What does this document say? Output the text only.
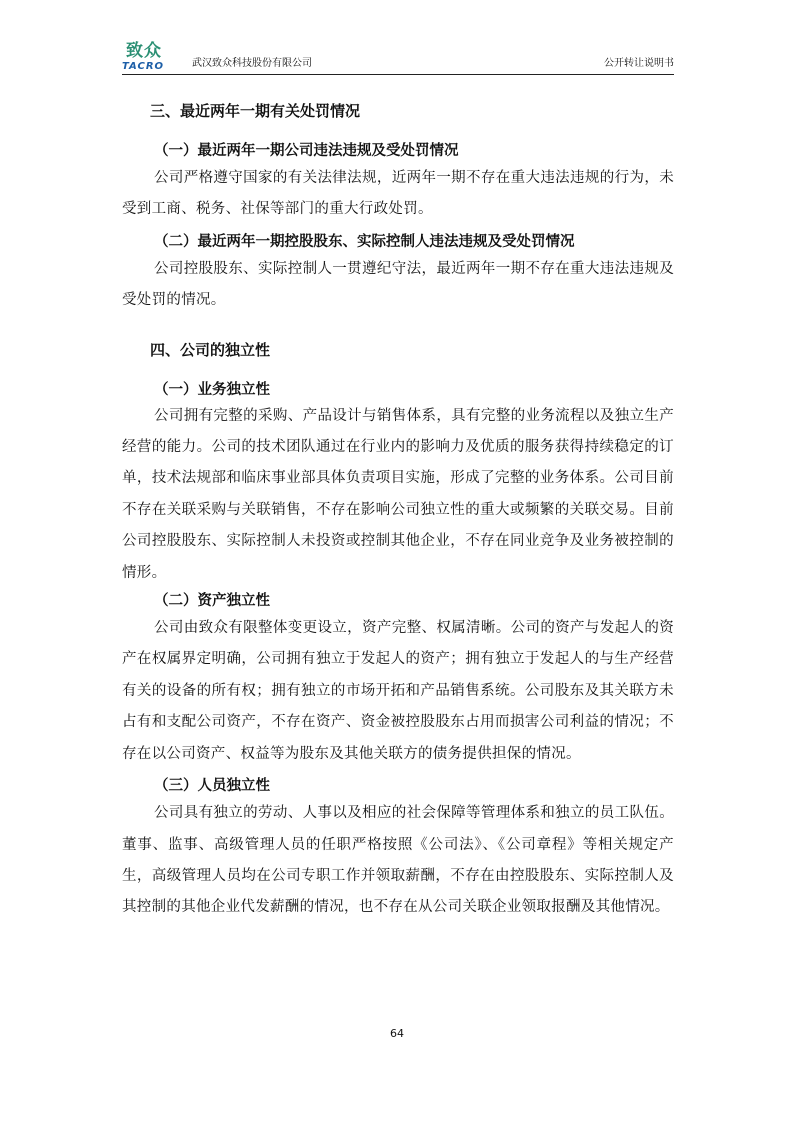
致众
TACRO	武汉致众科技股份有限公司	公开转让说明书

三、最近两年一期有关处罚情况

（一）最近两年一期公司违法违规及受处罚情况

公司严格遵守国家的有关法律法规，近两年一期不存在重大违法违规的行为，未受到工商、税务、社保等部门的重大行政处罚。

（二）最近两年一期控股股东、实际控制人违法违规及受处罚情况

公司控股股东、实际控制人一贯遵纪守法，最近两年一期不存在重大违法违规及受处罚的情况。

四、公司的独立性

（一）业务独立性

公司拥有完整的采购、产品设计与销售体系，具有完整的业务流程以及独立生产经营的能力。公司的技术团队通过在行业内的影响力及优质的服务获得持续稳定的订单，技术法规部和临床事业部具体负责项目实施，形成了完整的业务体系。公司目前不存在关联采购与关联销售，不存在影响公司独立性的重大或频繁的关联交易。目前公司控股股东、实际控制人未投资或控制其他企业，不存在同业竞争及业务被控制的情形。

（二）资产独立性

公司由致众有限整体变更设立，资产完整、权属清晰。公司的资产与发起人的资产在权属界定明确，公司拥有独立于发起人的资产；拥有独立于发起人的与生产经营有关的设备的所有权；拥有独立的市场开拓和产品销售系统。公司股东及其关联方未占有和支配公司资产，不存在资产、资金被控股股东占用而损害公司利益的情况；不存在以公司资产、权益等为股东及其他关联方的债务提供担保的情况。

（三）人员独立性

公司具有独立的劳动、人事以及相应的社会保障等管理体系和独立的员工队伍。董事、监事、高级管理人员的任职严格按照《公司法》、《公司章程》等相关规定产生，高级管理人员均在公司专职工作并领取薪酬，不存在由控股股东、实际控制人及其控制的其他企业代发薪酬的情况，也不存在从公司关联企业领取报酬及其他情况。

64
